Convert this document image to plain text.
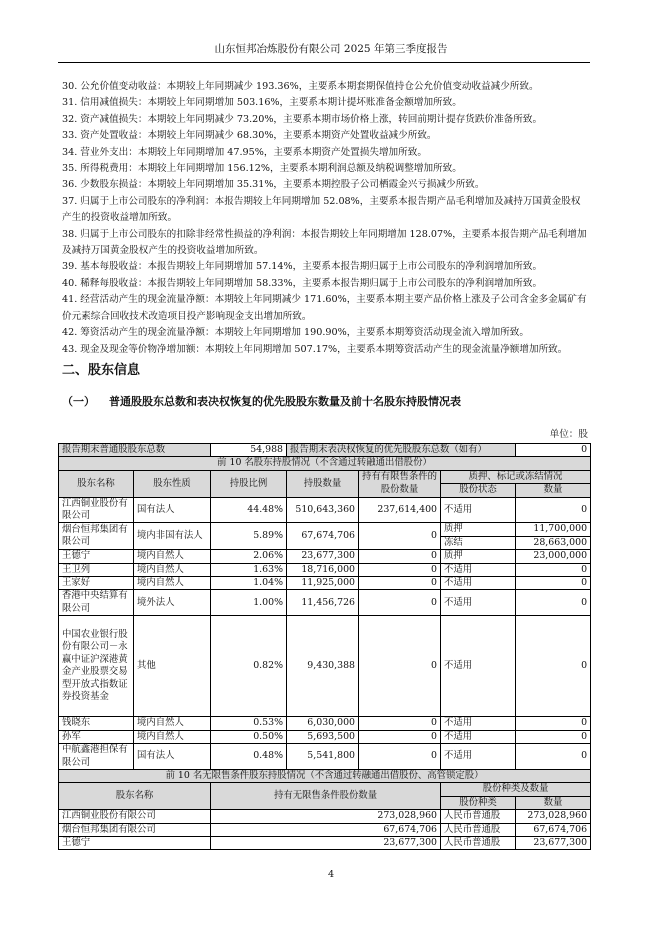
山东恒邦冶炼股份有限公司 2025 年第三季度报告

30. 公允价值变动收益：本期较上年同期减少 193.36%，主要系本期套期保值持仓公允价值变动收益减少所致。

31. 信用减值损失：本期较上年同期增加 503.16%，主要系本期计提坏账准备金额增加所致。

32. 资产减值损失：本期较上年同期减少 73.20%，主要系本期市场价格上涨，转回前期计提存货跌价准备所致。

33. 资产处置收益：本期较上年同期减少 68.30%，主要系本期资产处置收益减少所致。

34. 营业外支出：本期较上年同期增加 47.95%，主要系本期资产处置损失增加所致。

35. 所得税费用：本期较上年同期增加 156.12%，主要系本期利润总额及纳税调整增加所致。

36. 少数股东损益：本期较上年同期增加 35.31%，主要系本期控股子公司栖霞金兴亏损减少所致。

37. 归属于上市公司股东的净利润：本报告期较上年同期增加 52.08%，主要系本报告期产品毛利增加及减持万国黄金股权产生的投资收益增加所致。

38. 归属于上市公司股东的扣除非经常性损益的净利润：本报告期较上年同期增加 128.07%，主要系本报告期产品毛利增加及减持万国黄金股权产生的投资收益增加所致。

39. 基本每股收益：本报告期较上年同期增加 57.14%，主要系本报告期归属于上市公司股东的净利润增加所致。

40. 稀释每股收益：本报告期较上年同期增加 58.33%，主要系本报告期归属于上市公司股东的净利润增加所致。

41. 经营活动产生的现金流量净额：本期较上年同期减少 171.60%，主要系本期主要产品价格上涨及子公司含金多金属矿有价元素综合回收技术改造项目投产影响现金支出增加所致。

42. 筹资活动产生的现金流量净额：本期较上年同期增加 190.90%，主要系本期筹资活动现金流入增加所致。

43. 现金及现金等价物净增加额：本期较上年同期增加 507.17%，主要系本期筹资活动产生的现金流量净额增加所致。

二、股东信息
（一） 普通股股东总数和表决权恢复的优先股股东数量及前十名股东持股情况表
单位：股
报告期末普通股股东总数		54,988	报告期末表决权恢复的优先股股东总数（如有）			0
前 10 名股东持股情况（不含通过转融通出借股份）						
股东名称	股东性质	持股比例	持股数量	持有有限售条件的股份数量	质押、标记或冻结情况	
					股份状态	数量
江西铜业股份有限公司	国有法人	44.48%	510,643,360	237,614,400	不适用	0
烟台恒邦集团有限公司	境内非国有法人	5.89%	67,674,706	0	质押	11,700,000
					冻结	28,663,000
王德宁	境内自然人	2.06%	23,677,300	0	质押	23,000,000
王卫列	境内自然人	1.63%	18,716,000	0	不适用	0
王家好	境内自然人	1.04%	11,925,000	0	不适用	0
香港中央结算有限公司	境外法人	1.00%	11,456,726	0	不适用	0
中国农业银行股份有限公司－永赢中证沪深港黄金产业股票交易型开放式指数证券投资基金	其他	0.82%	9,430,388	0	不适用	0
钱晓东	境内自然人	0.53%	6,030,000	0	不适用	0
孙军	境内自然人	0.50%	5,693,500	0	不适用	0
中航鑫港担保有限公司	国有法人	0.48%	5,541,800	0	不适用	0
前 10 名无限售条件股东持股情况（不含通过转融通出借股份、高管锁定股）						
股东名称		持有无限售条件股份数量			股份种类及数量	
					股份种类	数量
江西铜业股份有限公司		273,028,960			人民币普通股	273,028,960
烟台恒邦集团有限公司		67,674,706			人民币普通股	67,674,706
王德宁		23,677,300			人民币普通股	23,677,300
4
